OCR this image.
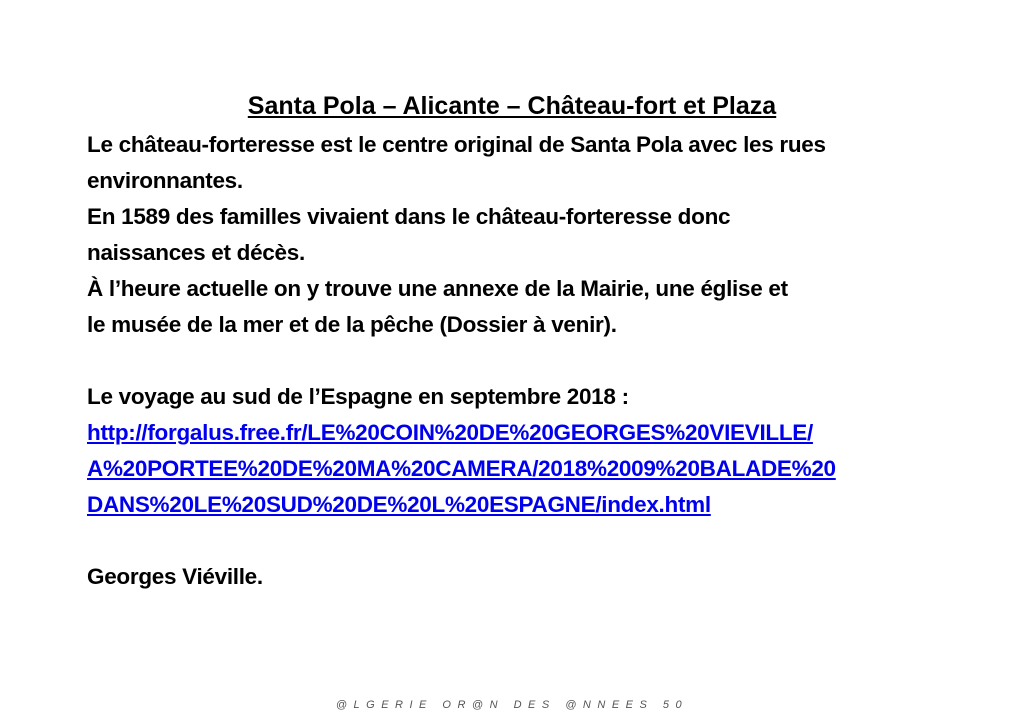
Santa Pola – Alicante – Château-fort et Plaza
Le château-forteresse est le centre original de Santa Pola avec les rues
environnantes.
En 1589 des familles vivaient dans le château-forteresse donc
naissances et décès.
À l’heure actuelle on y trouve une annexe de la Mairie, une église et
le musée de la mer et de la pêche (Dossier à venir).
Le voyage au sud de l’Espagne en septembre 2018 :
http://forgalus.free.fr/LE%20COIN%20DE%20GEORGES%20VIEVILLE/
A%20PORTEE%20DE%20MA%20CAMERA/2018%2009%20BALADE%20
DANS%20LE%20SUD%20DE%20L%20ESPAGNE/index.html
Georges Viéville.
@LGERIE OR@N DES @NNEES 50
